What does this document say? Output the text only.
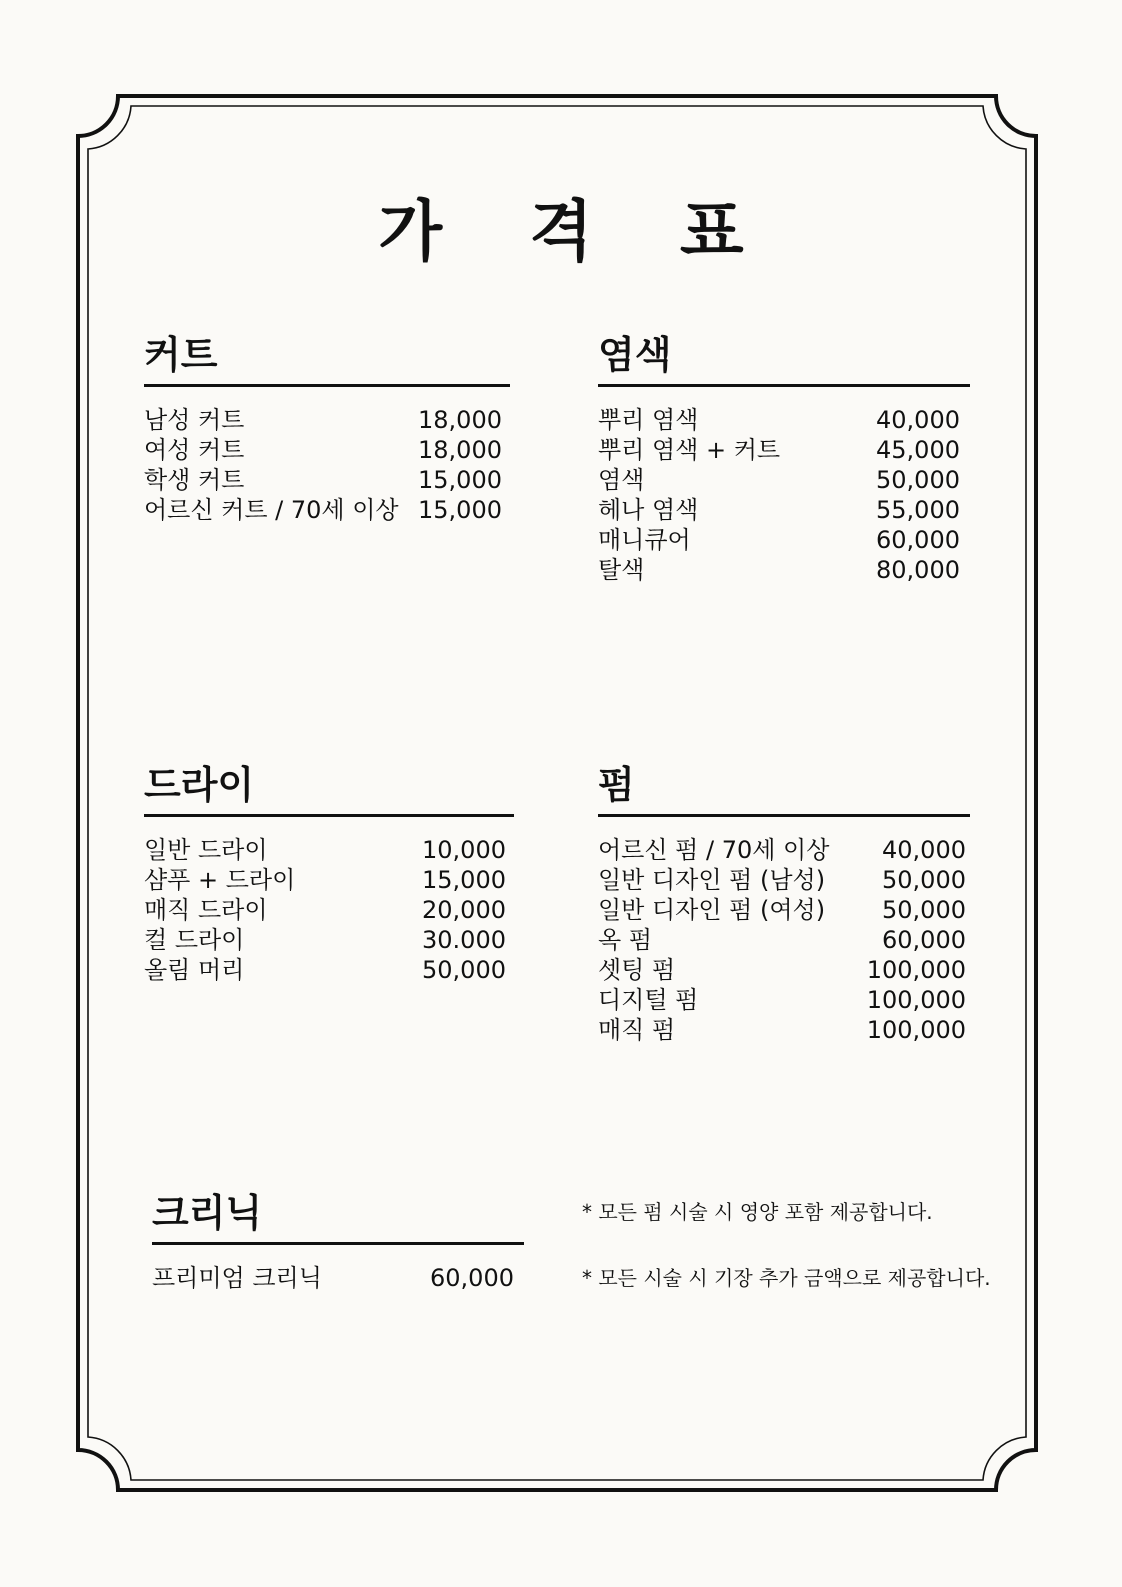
가 격 표
커트
남성 커트	18,000
여성 커트	18,000
학생 커트	15,000
어르신 커트 / 70세 이상 15,000
염색
뿌리 염색	40,000
뿌리 염색 + 커트	45,000
염색	50,000
헤나 염색	55,000
매니큐어	60,000
탈색	80,000
드라이
일반 드라이	10,000
샴푸 + 드라이	15,000
매직 드라이	20,000
컬 드라이	30.000
올림 머리	50,000
펌
어르신 펌 / 70세 이상 40,000
일반 디자인 펌 (남성) 50,000
일반 디자인 펌 (여성) 50,000
옥 펌	60,000
셋팅 펌	100,000
디지털 펌	100,000
매직 펌	100,000
크리닉
프리미엄 크리닉	60,000
* 모든 펌 시술 시 영양 포함 제공합니다.
* 모든 시술 시 기장 추가 금액으로 제공합니다.
